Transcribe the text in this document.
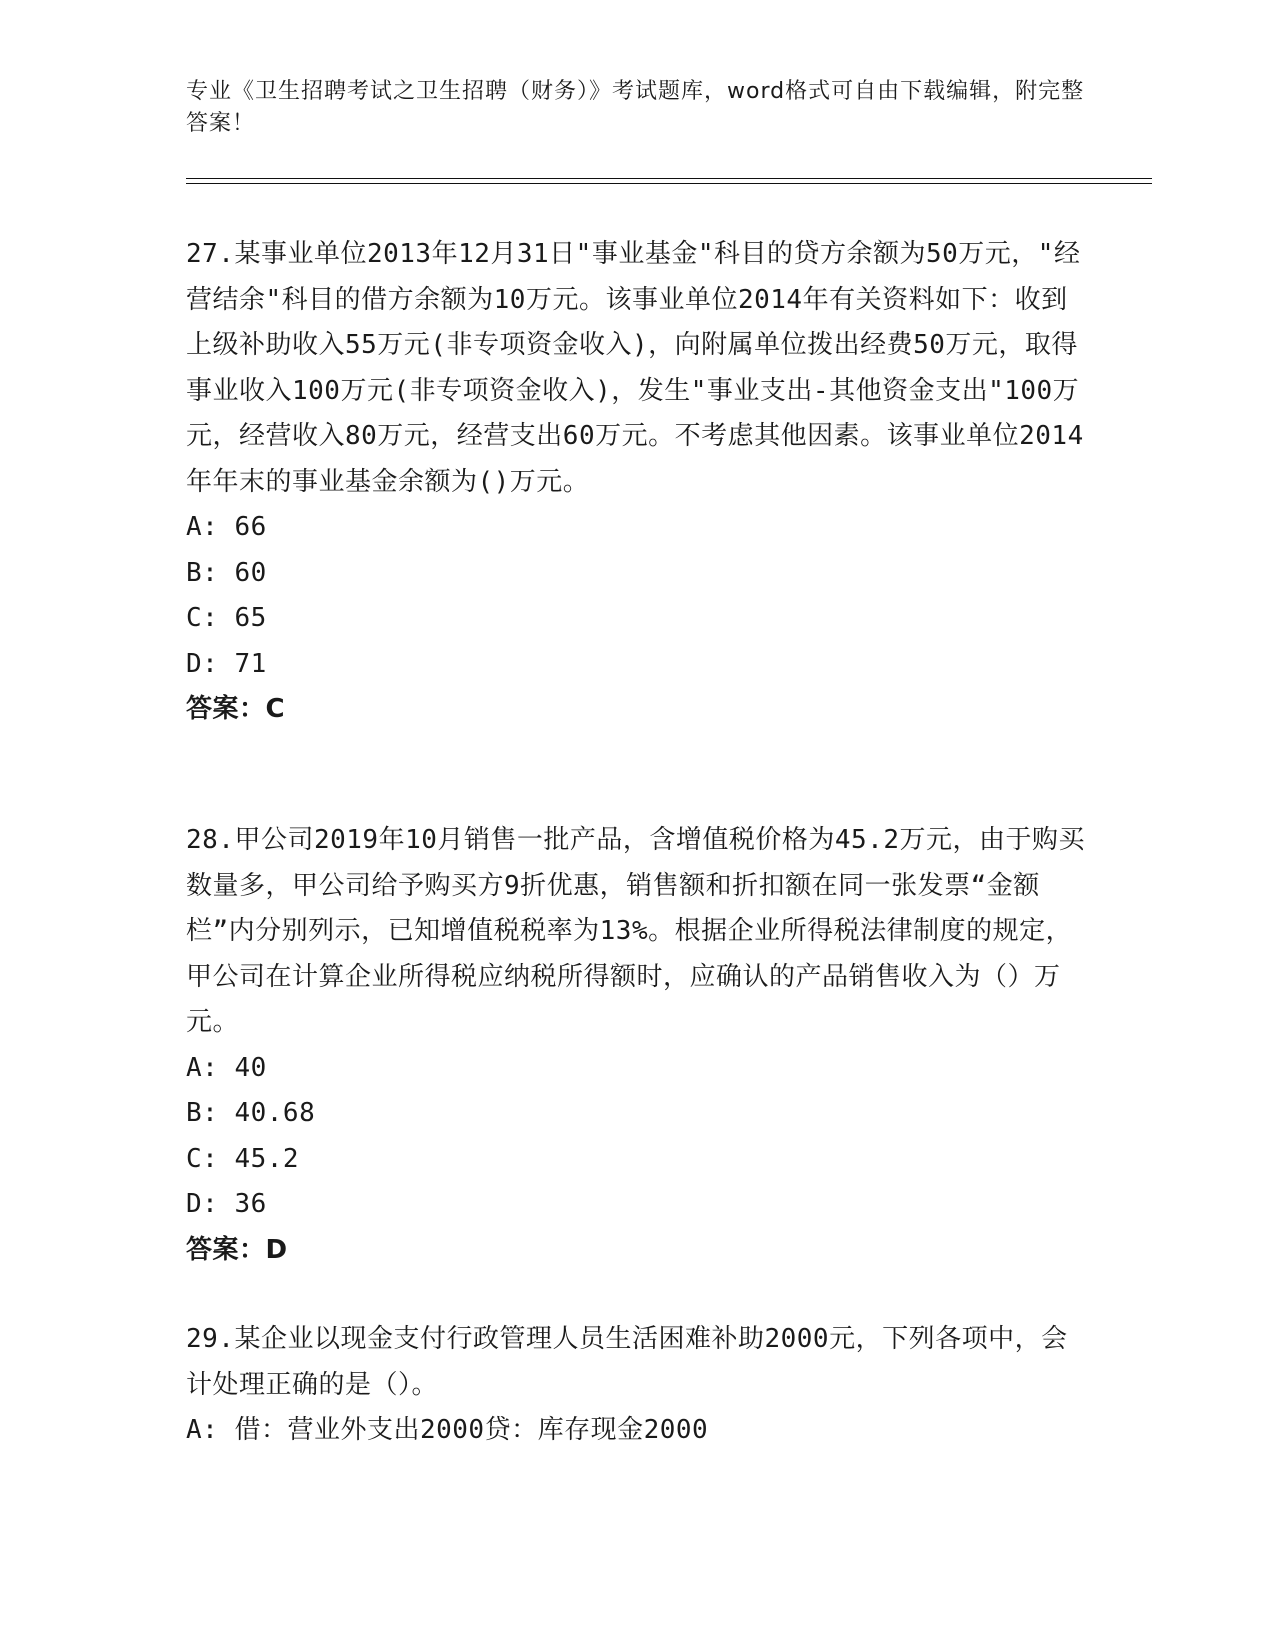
专业《卫生招聘考试之卫生招聘（财务）》考试题库，word格式可自由下载编辑，附完整答案！

27.某事业单位2013年12月31日"事业基金"科目的贷方余额为50万元，"经营结余"科目的借方余额为10万元。该事业单位2014年有关资料如下：收到上级补助收入55万元(非专项资金收入)，向附属单位拨出经费50万元，取得事业收入100万元(非专项资金收入)，发生"事业支出-其他资金支出"100万元，经营收入80万元，经营支出60万元。不考虑其他因素。该事业单位2014年年末的事业基金余额为()万元。

A: 66

B: 60

C: 65

D: 71

答案：C

28.甲公司2019年10月销售一批产品，含增值税价格为45.2万元，由于购买数量多，甲公司给予购买方9折优惠，销售额和折扣额在同一张发票“金额栏”内分别列示，已知增值税税率为13%。根据企业所得税法律制度的规定，甲公司在计算企业所得税应纳税所得额时，应确认的产品销售收入为（）万元。

A: 40

B: 40.68

C: 45.2

D: 36

答案：D

29.某企业以现金支付行政管理人员生活困难补助2000元，下列各项中，会计处理正确的是（）。

A: 借：营业外支出2000贷：库存现金2000
